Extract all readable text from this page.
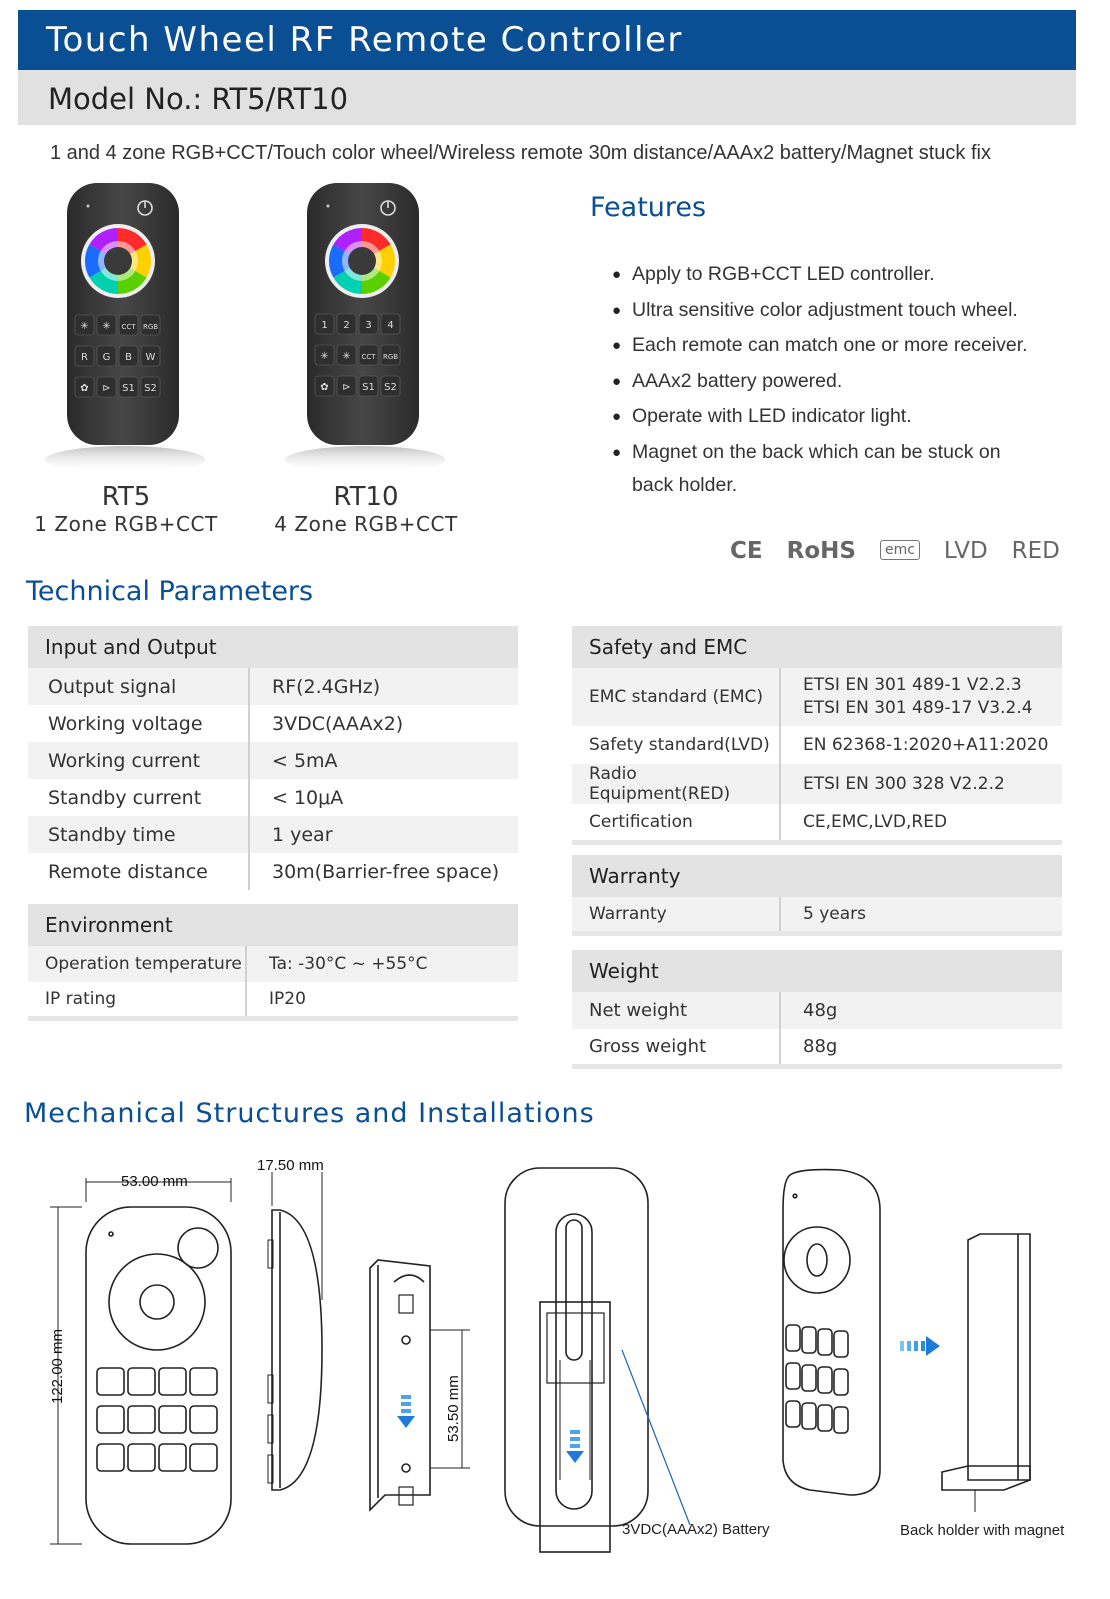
Touch Wheel RF Remote Controller
Model No.: RT5/RT10
1 and 4 zone RGB+CCT/Touch color wheel/Wireless remote 30m distance/AAAx2 battery/Magnet stuck fix
✳ ✳ CCT RGB
R G B W
✿ ⊳ S1 S2
1 2 3 4
✳ ✳ CCT RGB
✿ ⊳ S1 S2
RT5
1 Zone RGB+CCT
RT10
4 Zone RGB+CCT
Features
● Apply to RGB+CCT LED controller.
● Ultra sensitive color adjustment touch wheel.
● Each remote can match one or more receiver.
● AAAx2 battery powered.
● Operate with LED indicator light.
● Magnet on the back which can be stuck on back holder.
CE RoHS emc LVD RED
Technical Parameters
Input and Output	
Output signal	RF(2.4GHz)
Working voltage	3VDC(AAAx2)
Working current	< 5mA
Standby current	< 10μA
Standby time	1 year
Remote distance	30m(Barrier-free space)
Environment	
Operation temperature	Ta: -30°C ~ +55°C
IP rating	IP20
Safety and EMC	
EMC standard (EMC)	ETSI EN 301 489-1 V2.2.3
ETSI EN 301 489-17 V3.2.4

Safety standard(LVD)	EN 62368-1:2020+A11:2020
Radio Equipment(RED)	ETSI EN 300 328 V2.2.2
Certification	CE,EMC,LVD,RED
Warranty
Warranty	5 years
Weight	
Net weight	48g
Gross weight	88g
Mechanical Structures and Installations
53.00 mm
122.00 mm
17.50 mm
53.50 mm
3VDC(AAAx2) Battery	Back holder with magnet
